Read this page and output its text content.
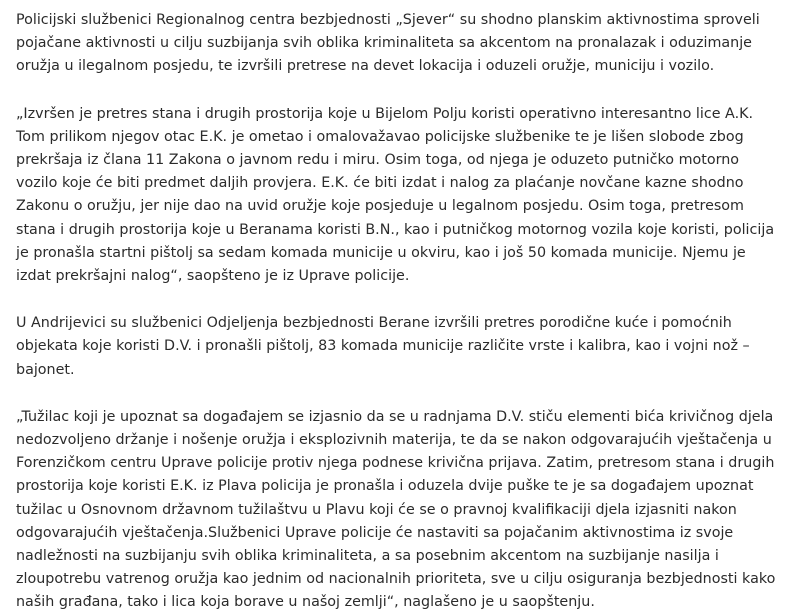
Policijski službenici Regionalnog centra bezbjednosti „Sjever“ su shodno planskim aktivnostima sproveli pojačane aktivnosti u cilju suzbijanja svih oblika kriminaliteta sa akcentom na pronalazak i oduzimanje oružja u ilegalnom posjedu, te izvršili pretrese na devet lokacija i oduzeli oružje, municiju i vozilo.

„Izvršen je pretres stana i drugih prostorija koje u Bijelom Polju koristi operativno interesantno lice A.K. Tom prilikom njegov otac E.K. je ometao i omalovažavao policijske službenike te je lišen slobode zbog prekršaja iz člana 11 Zakona o javnom redu i miru. Osim toga, od njega je oduzeto putničko motorno vozilo koje će biti predmet daljih provjera. E.K. će biti izdat i nalog za plaćanje novčane kazne shodno Zakonu o oružju, jer nije dao na uvid oružje koje posjeduje u legalnom posjedu. Osim toga, pretresom stana i drugih prostorija koje u Beranama koristi B.N., kao i putničkog motornog vozila koje koristi, policija je pronašla startni pištolj sa sedam komada municije u okviru, kao i još 50 komada municije. Njemu je izdat prekršajni nalog“, saopšteno je iz Uprave policije.

U Andrijevici su službenici Odjeljenja bezbjednosti Berane izvršili pretres porodične kuće i pomoćnih objekata koje koristi D.V. i pronašli pištolj, 83 komada municije različite vrste i kalibra, kao i vojni nož – bajonet.

„Tužilac koji je upoznat sa događajem se izjasnio da se u radnjama D.V. stiču elementi bića krivičnog djela nedozvoljeno držanje i nošenje oružja i eksplozivnih materija, te da se nakon odgovarajućih vještačenja u Forenzičkom centru Uprave policije protiv njega podnese krivična prijava. Zatim, pretresom stana i drugih prostorija koje koristi E.K. iz Plava policija je pronašla i oduzela dvije puške te je sa događajem upoznat tužilac u Osnovnom državnom tužilaštvu u Plavu koji će se o pravnoj kvalifikaciji djela izjasniti nakon odgovarajućih vještačenja.Službenici Uprave policije će nastaviti sa pojačanim aktivnostima iz svoje nadležnosti na suzbijanju svih oblika kriminaliteta, a sa posebnim akcentom na suzbijanje nasilja i zloupotrebu vatrenog oružja kao jednim od nacionalnih prioriteta, sve u cilju osiguranja bezbjednosti kako naših građana, tako i lica koja borave u našoj zemlji“, naglašeno je u saopštenju.
